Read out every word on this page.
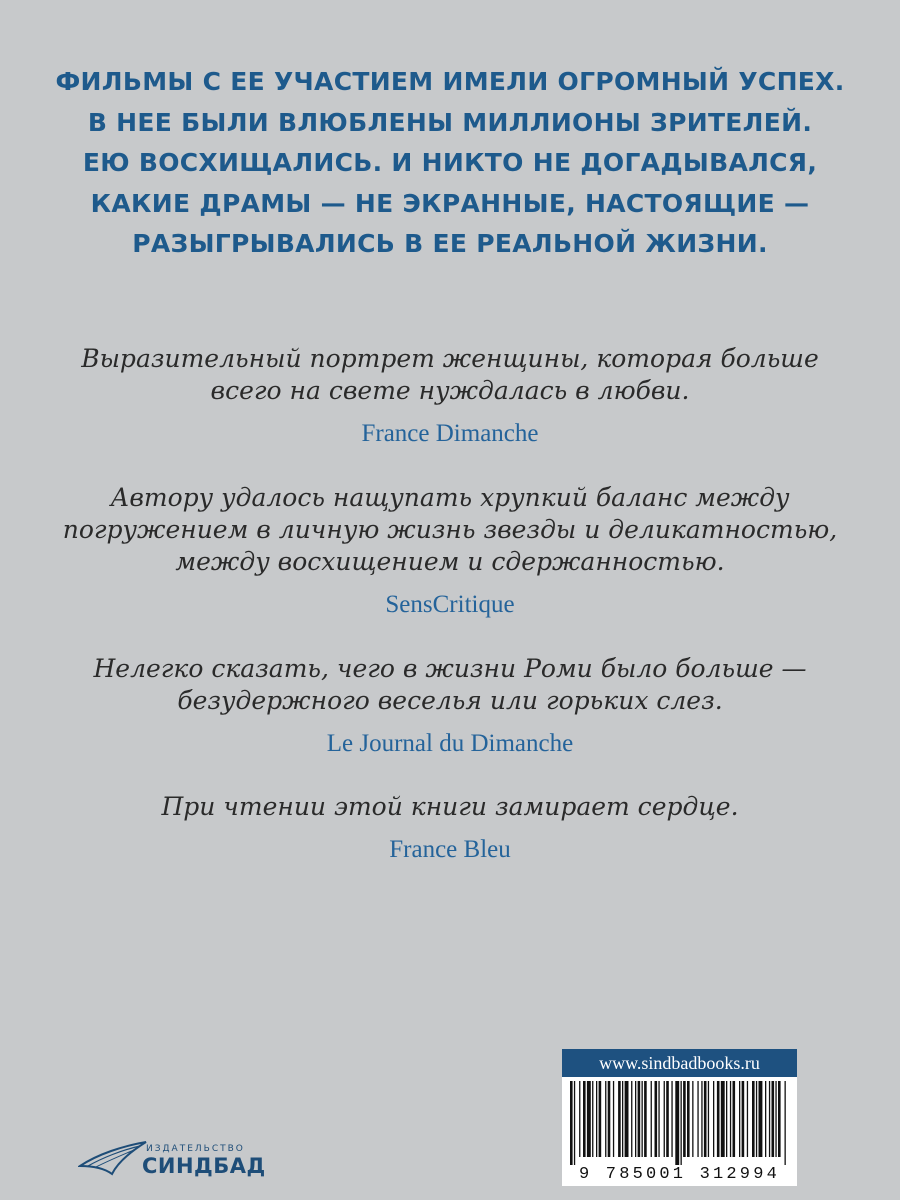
ФИЛЬМЫ С ЕЕ УЧАСТИЕМ ИМЕЛИ ОГРОМНЫЙ УСПЕХ.
В НЕЕ БЫЛИ ВЛЮБЛЕНЫ МИЛЛИОНЫ ЗРИТЕЛЕЙ.
ЕЮ ВОСХИЩАЛИСЬ. И НИКТО НЕ ДОГАДЫВАЛСЯ,
КАКИЕ ДРАМЫ — НЕ ЭКРАННЫЕ, НАСТОЯЩИЕ —
РАЗЫГРЫВАЛИСЬ В ЕЕ РЕАЛЬНОЙ ЖИЗНИ.

Выразительный портрет женщины, которая больше
всего на свете нуждалась в любви.

France Dimanche

Автору удалось нащупать хрупкий баланс между
погружением в личную жизнь звезды и деликатностью,
между восхищением и сдержанностью.

SensCritique

Нелегко сказать, чего в жизни Роми было больше —
безудержного веселья или горьких слез.

Le Journal du Dimanche

При чтении этой книги замирает сердце.

France Bleu
ИЗДАТЕЛЬСТВО
СИНДБАД
www.sindbadbooks.ru
9 785001 312994
